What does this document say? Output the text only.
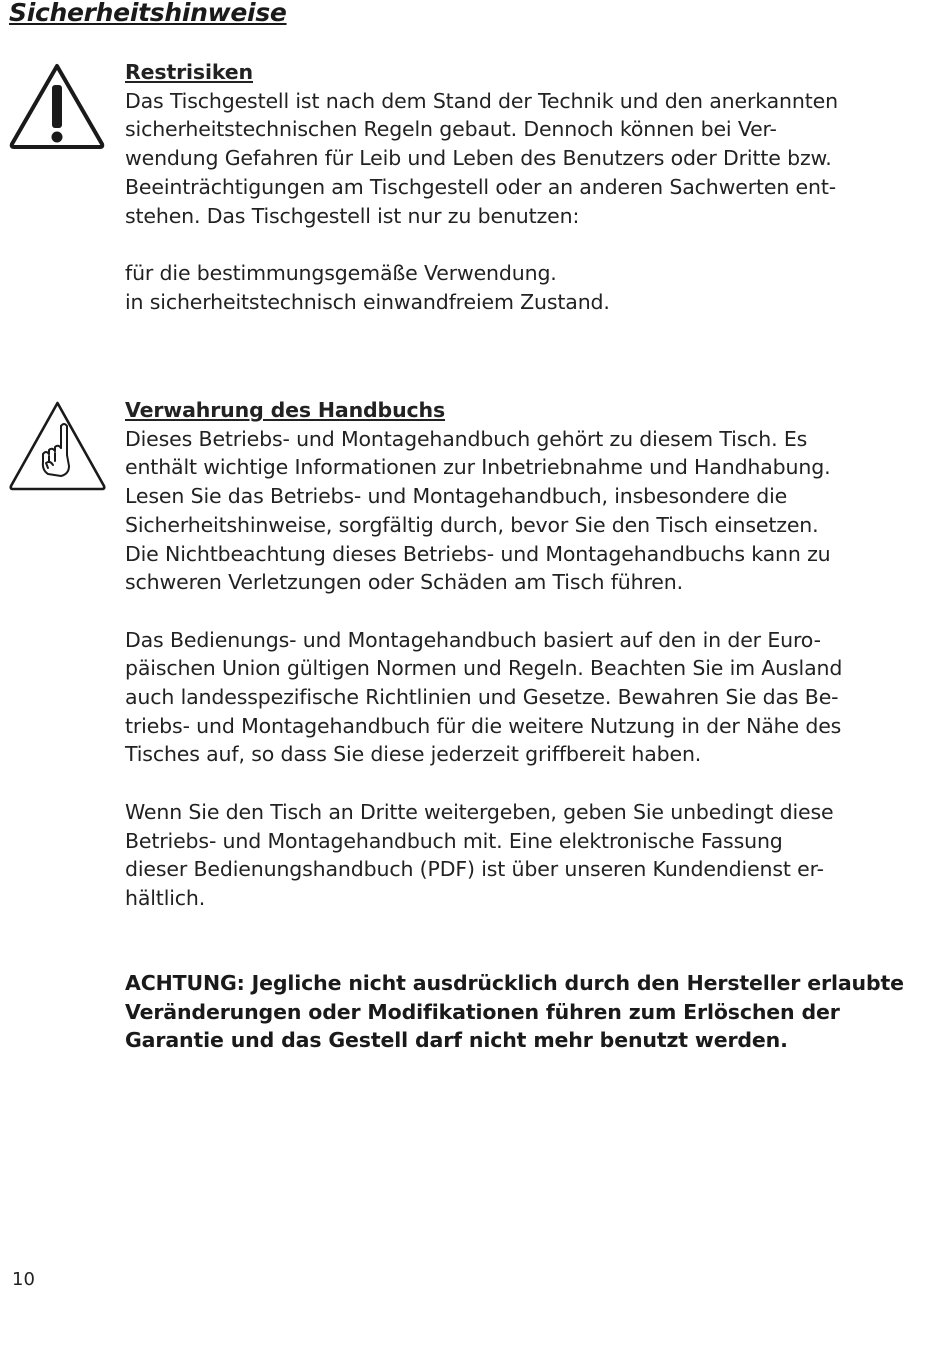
Sicherheitshinweise
Restrisiken
Das Tischgestell ist nach dem Stand der Technik und den anerkannten
sicherheitstechnischen Regeln gebaut. Dennoch können bei Ver-
wendung Gefahren für Leib und Leben des Benutzers oder Dritte bzw.
Beeinträchtigungen am Tischgestell oder an anderen Sachwerten ent-
stehen. Das Tischgestell ist nur zu benutzen:
für die bestimmungsgemäße Verwendung.
in sicherheitstechnisch einwandfreiem Zustand.
Verwahrung des Handbuchs
Dieses Betriebs- und Montagehandbuch gehört zu diesem Tisch. Es
enthält wichtige Informationen zur Inbetriebnahme und Handhabung.
Lesen Sie das Betriebs- und Montagehandbuch, insbesondere die
Sicherheitshinweise, sorgfältig durch, bevor Sie den Tisch einsetzen.
Die Nichtbeachtung dieses Betriebs- und Montagehandbuchs kann zu
schweren Verletzungen oder Schäden am Tisch führen.
Das Bedienungs- und Montagehandbuch basiert auf den in der Euro-
päischen Union gültigen Normen und Regeln. Beachten Sie im Ausland
auch landesspezifische Richtlinien und Gesetze. Bewahren Sie das Be-
triebs- und Montagehandbuch für die weitere Nutzung in der Nähe des
Tisches auf, so dass Sie diese jederzeit griffbereit haben.
Wenn Sie den Tisch an Dritte weitergeben, geben Sie unbedingt diese
Betriebs- und Montagehandbuch mit. Eine elektronische Fassung
dieser Bedienungshandbuch (PDF) ist über unseren Kundendienst er-
hältlich.
ACHTUNG: Jegliche nicht ausdrücklich durch den Hersteller erlaubte
Veränderungen oder Modifikationen führen zum Erlöschen der
Garantie und das Gestell darf nicht mehr benutzt werden.
10
